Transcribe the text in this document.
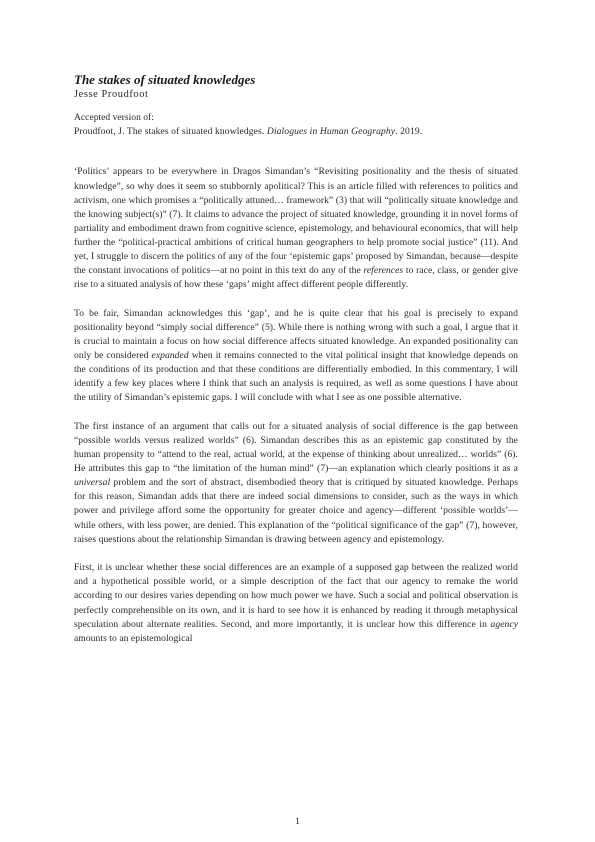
The stakes of situated knowledges
Jesse Proudfoot
Accepted version of:
Proudfoot, J. The stakes of situated knowledges. Dialogues in Human Geography. 2019.

‘Politics’ appears to be everywhere in Dragos Simandan’s “Revisiting positionality and the thesis of situated knowledge”, so why does it seem so stubbornly apolitical? This is an article filled with references to politics and activism, one which promises a “politically attuned… framework” (3) that will “politically situate knowledge and the knowing subject(s)” (7). It claims to advance the project of situated knowledge, grounding it in novel forms of partiality and embodiment drawn from cognitive science, epistemology, and behavioural economics, that will help further the “political-practical ambitions of critical human geographers to help promote social justice” (11). And yet, I struggle to discern the politics of any of the four ‘epistemic gaps’ proposed by Simandan, because—despite the constant invocations of politics—at no point in this text do any of the references to race, class, or gender give rise to a situated analysis of how these ‘gaps’ might affect different people differently.

To be fair, Simandan acknowledges this ‘gap’, and he is quite clear that his goal is precisely to expand positionality beyond “simply social difference” (5). While there is nothing wrong with such a goal, I argue that it is crucial to maintain a focus on how social difference affects situated knowledge. An expanded positionality can only be considered expanded when it remains connected to the vital political insight that knowledge depends on the conditions of its production and that these conditions are differentially embodied. In this commentary, I will identify a few key places where I think that such an analysis is required, as well as some questions I have about the utility of Simandan’s epistemic gaps. I will conclude with what I see as one possible alternative.

The first instance of an argument that calls out for a situated analysis of social difference is the gap between “possible worlds versus realized worlds” (6). Simandan describes this as an epistemic gap constituted by the human propensity to “attend to the real, actual world, at the expense of thinking about unrealized… worlds” (6). He attributes this gap to “the limitation of the human mind” (7)—an explanation which clearly positions it as a universal problem and the sort of abstract, disembodied theory that is critiqued by situated knowledge. Perhaps for this reason, Simandan adds that there are indeed social dimensions to consider, such as the ways in which power and privilege afford some the opportunity for greater choice and agency—different ‘possible worlds’—while others, with less power, are denied. This explanation of the “political significance of the gap” (7), however, raises questions about the relationship Simandan is drawing between agency and epistemology.

First, it is unclear whether these social differences are an example of a supposed gap between the realized world and a hypothetical possible world, or a simple description of the fact that our agency to remake the world according to our desires varies depending on how much power we have. Such a social and political observation is perfectly comprehensible on its own, and it is hard to see how it is enhanced by reading it through metaphysical speculation about alternate realities. Second, and more importantly, it is unclear how this difference in agency amounts to an epistemological

1
